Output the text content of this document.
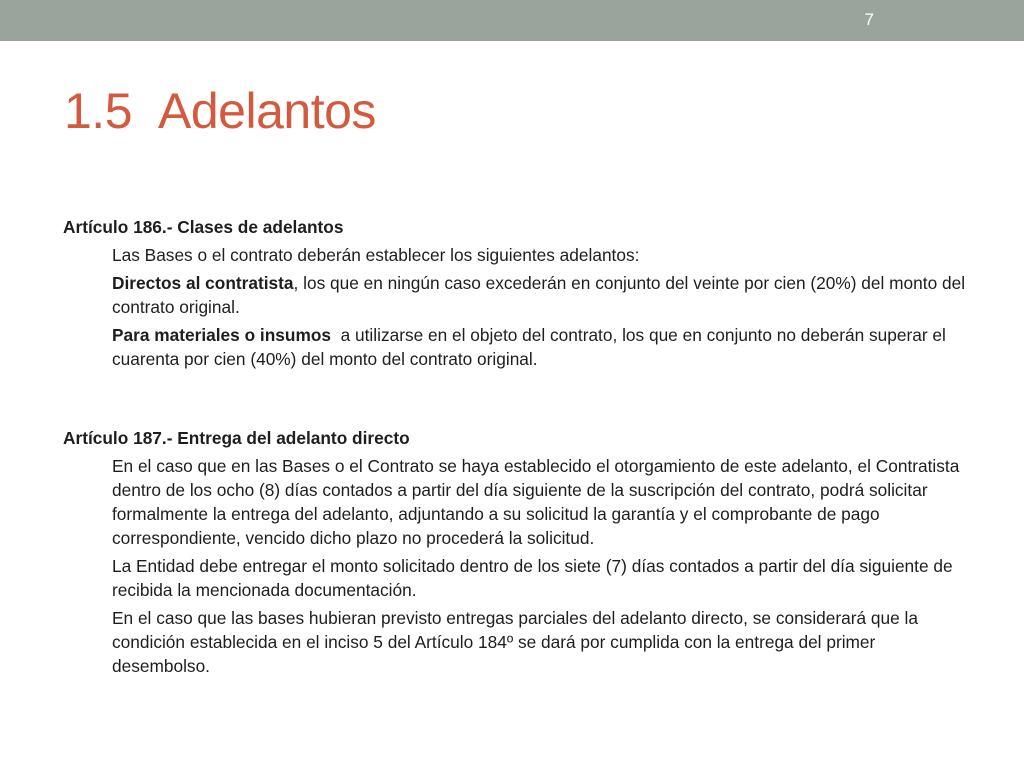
7
1.5 Adelantos

Artículo 186.- Clases de adelantos

Las Bases o el contrato deberán establecer los siguientes adelantos:

Directos al contratista, los que en ningún caso excederán en conjunto del veinte por cien (20%) del monto del contrato original.

Para materiales o insumos  a utilizarse en el objeto del contrato, los que en conjunto no deberán superar el cuarenta por cien (40%) del monto del contrato original.

Artículo 187.- Entrega del adelanto directo

En el caso que en las Bases o el Contrato se haya establecido el otorgamiento de este adelanto, el Contratista dentro de los ocho (8) días contados a partir del día siguiente de la suscripción del contrato, podrá solicitar formalmente la entrega del adelanto, adjuntando a su solicitud la garantía y el comprobante de pago correspondiente, vencido dicho plazo no procederá la solicitud.

La Entidad debe entregar el monto solicitado dentro de los siete (7) días contados a partir del día siguiente de recibida la mencionada documentación.

En el caso que las bases hubieran previsto entregas parciales del adelanto directo, se considerará que la condición establecida en el inciso 5 del Artículo 184º se dará por cumplida con la entrega del primer desembolso.
